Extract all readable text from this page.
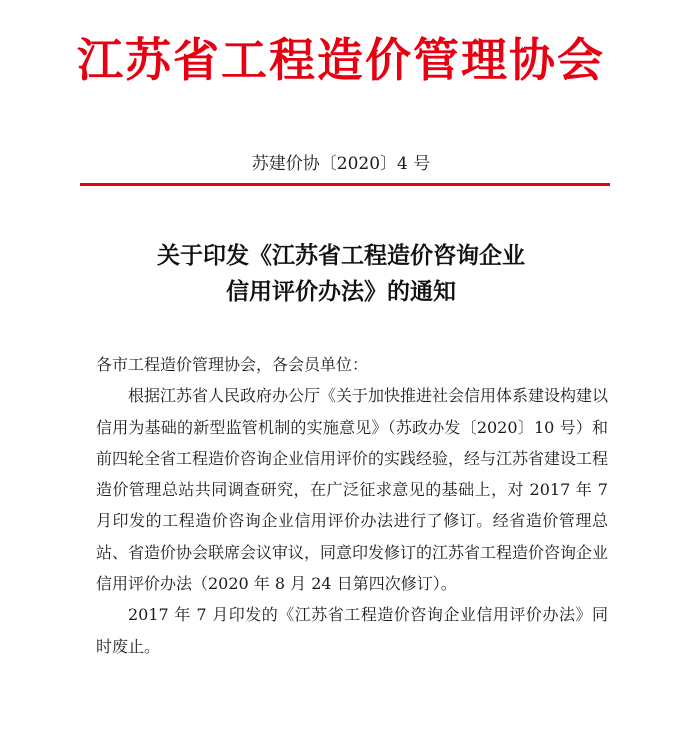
江苏省工程造价管理协会
苏建价协〔2020〕4 号
关于印发《江苏省工程造价咨询企业
信用评价办法》的通知

各市工程造价管理协会，各会员单位：

根据江苏省人民政府办公厅《关于加快推进社会信用体系建设构建以信用为基础的新型监管机制的实施意见》（苏政办发〔2020〕10 号）和前四轮全省工程造价咨询企业信用评价的实践经验，经与江苏省建设工程造价管理总站共同调查研究，在广泛征求意见的基础上，对 2017 年 7 月印发的工程造价咨询企业信用评价办法进行了修订。经省造价管理总站、省造价协会联席会议审议，同意印发修订的江苏省工程造价咨询企业信用评价办法（2020 年 8 月 24 日第四次修订）。

2017 年 7 月印发的《江苏省工程造价咨询企业信用评价办法》同时废止。
